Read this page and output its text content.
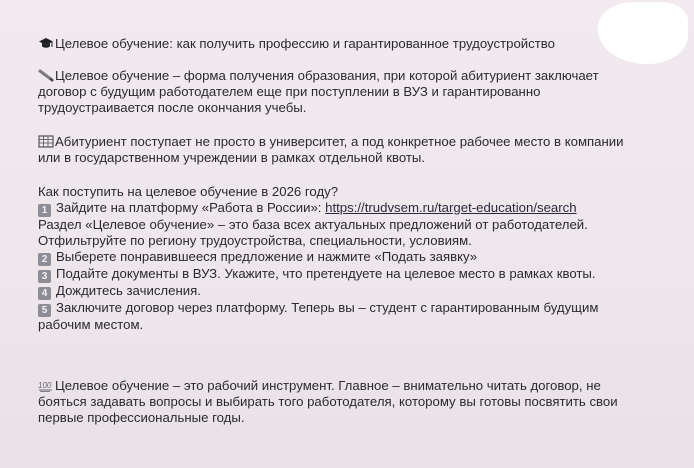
Целевое обучение: как получить профессию и гарантированное трудоустройство
Целевое обучение – форма получения образования, при которой абитуриент заключает
договор с будущим работодателем еще при поступлении в ВУЗ и гарантированно
трудоустраивается после окончания учебы.
Абитуриент поступает не просто в университет, а под конкретное рабочее место в компании
или в государственном учреждении в рамках отдельной квоты.
Как поступить на целевое обучение в 2026 году?
1 Зайдите на платформу «Работа в России»: https://trudvsem.ru/target-education/search
Раздел «Целевое обучение» – это база всех актуальных предложений от работодателей.
Отфильтруйте по региону трудоустройства, специальности, условиям.
2 Выберете понравившееся предложение и нажмите «Подать заявку»
3 Подайте документы в ВУЗ. Укажите, что претендуете на целевое место в рамках квоты.
4 Дождитесь зачисления.
5 Заключите договор через платформу. Теперь вы – студент с гарантированным будущим
рабочим местом.
100 Целевое обучение – это рабочий инструмент. Главное – внимательно читать договор, не
бояться задавать вопросы и выбирать того работодателя, которому вы готовы посвятить свои
первые профессиональные годы.
